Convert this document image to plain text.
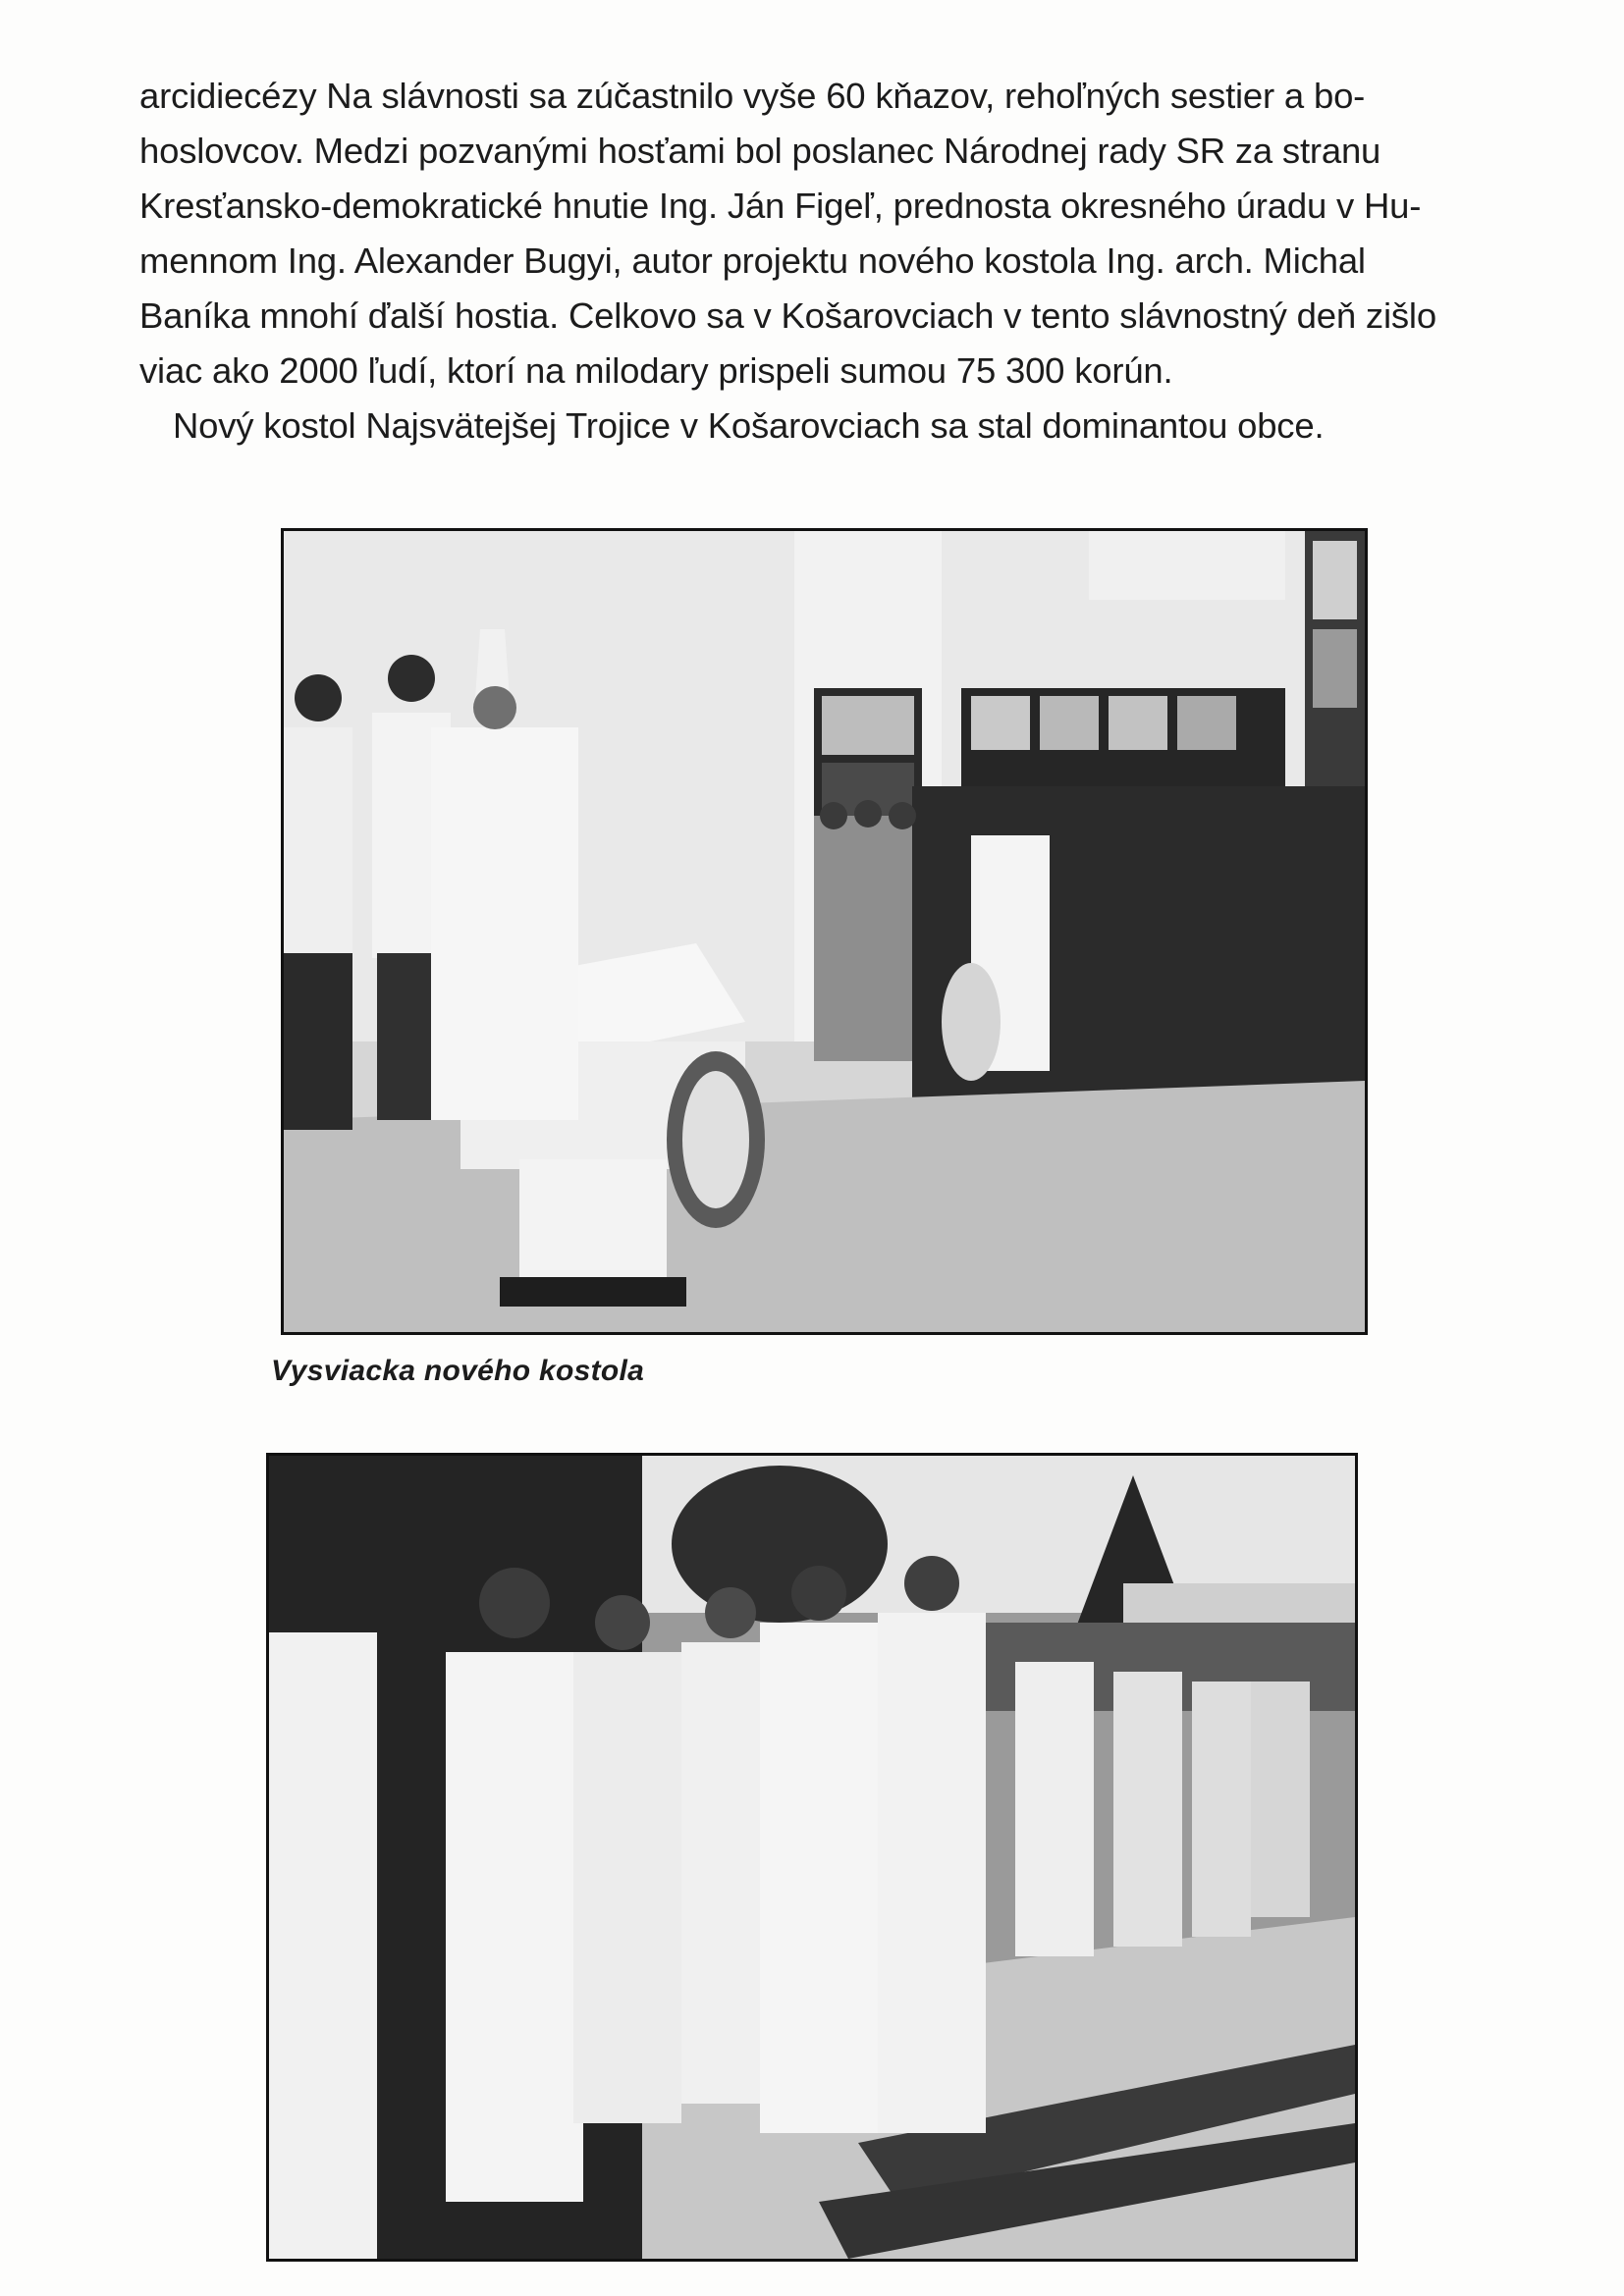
arcidiecézy Na slávnosti sa zúčastnilo vyše 60 kňazov, rehoľných sestier a bo-
hoslovcov. Medzi pozvanými hosťami bol poslanec Národnej rady SR za stranu
Kresťansko-demokratické hnutie Ing. Ján Figeľ, prednosta okresného úradu v Hu-
mennom Ing. Alexander Bugyi, autor projektu nového kostola Ing. arch. Michal
Baníka mnohí ďalší hostia. Celkovo sa v Košarovciach v tento slávnostný deň zišlo
viac ako 2000 ľudí, ktorí na milodary prispeli sumou 75 300 korún.
Nový kostol Najsvätejšej Trojice v Košarovciach sa stal dominantou obce.
Vysviacka nového kostola
